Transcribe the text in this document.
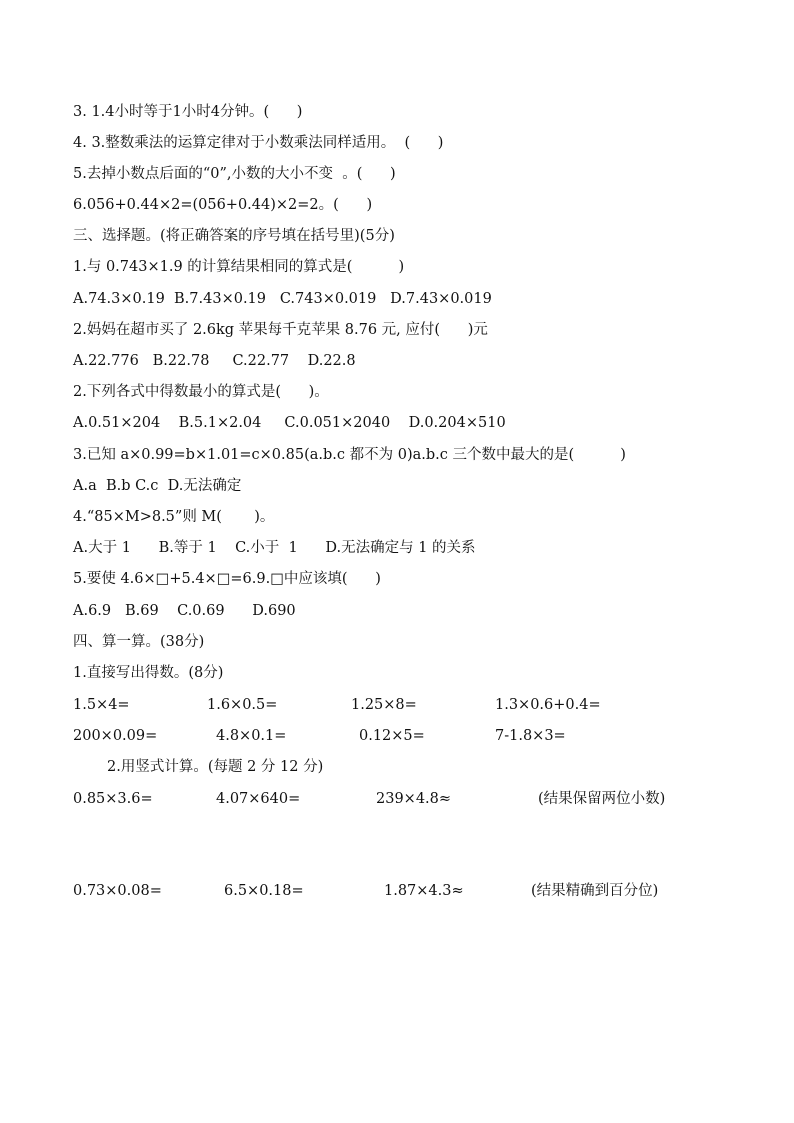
3. 1.4小时等于1小时4分钟。(      )
4. 3.整数乘法的运算定律对于小数乘法同样适用。  (      )
5.去掉小数点后面的“0”,小数的大小不变  。(      )
6.056+0.44×2=(056+0.44)×2=2。(      )
三、选择题。(将正确答案的序号填在括号里)(5分)
1.与 0.743×1.9 的计算结果相同的算式是(          )
A.74.3×0.19  B.7.43×0.19   C.743×0.019   D.7.43×0.019
2.妈妈在超市买了 2.6kg 苹果每千克苹果 8.76 元, 应付(      )元
A.22.776   B.22.78     C.22.77    D.22.8
2.下列各式中得数最小的算式是(      )。
A.0.51×204    B.5.1×2.04     C.0.051×2040    D.0.204×510
3.已知 a×0.99=b×1.01=c×0.85(a.b.c 都不为 0)a.b.c 三个数中最大的是(          )
A.a  B.b C.c  D.无法确定
4.“85×M>8.5”则 M(       )。
A.大于 1      B.等于 1    C.小于  1      D.无法确定与 1 的关系
5.要使 4.6×□+5.4×□=6.9.□中应该填(      )
A.6.9   B.69    C.0.69      D.690
四、算一算。(38分)
1.直接写出得数。(8分)
1.5×4=	1.6×0.5=	1.25×8=	1.3×0.6+0.4=
200×0.09=	4.8×0.1=	0.12×5=	7-1.8×3=
2.用竖式计算。(每题 2 分 12 分)
0.85×3.6=	4.07×640=	239×4.8≈	(结果保留两位小数)
0.73×0.08=	6.5×0.18=	1.87×4.3≈	(结果精确到百分位)
